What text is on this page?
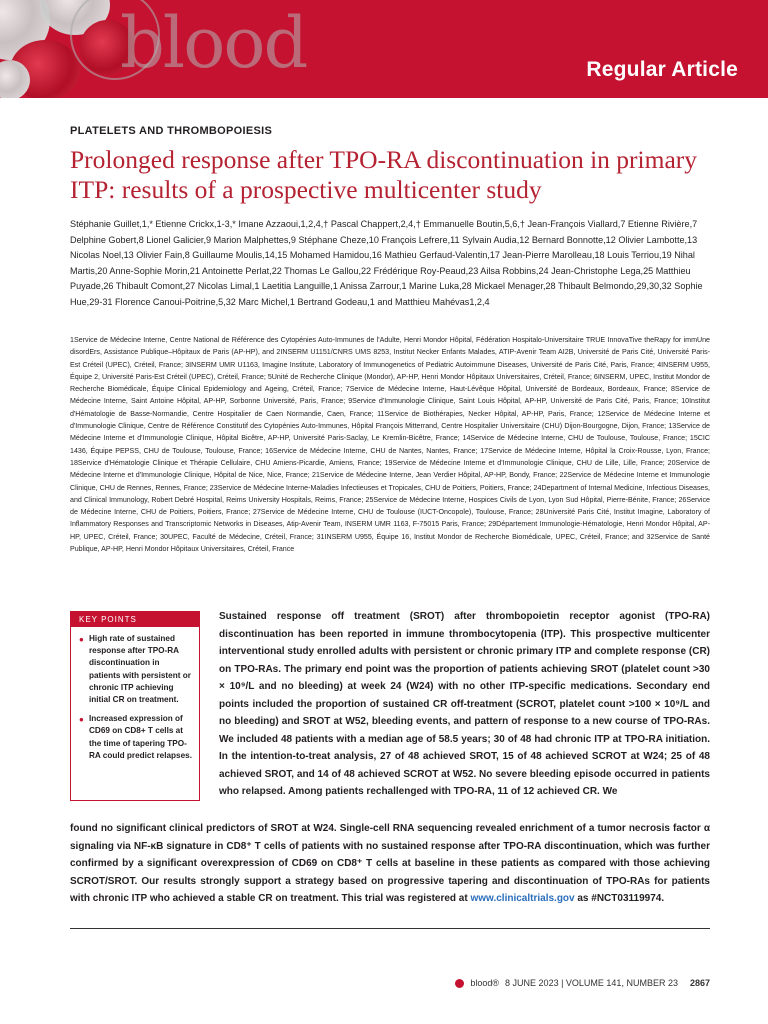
blood	Regular Article
PLATELETS AND THROMBOPOIESIS
Prolonged response after TPO-RA discontinuation in primary ITP: results of a prospective multicenter study
Stéphanie Guillet,1,* Etienne Crickx,1-3,* Imane Azzaoui,1,2,4,† Pascal Chappert,2,4,† Emmanuelle Boutin,5,6,† Jean-François Viallard,7 Etienne Rivière,7 Delphine Gobert,8 Lionel Galicier,9 Marion Malphettes,9 Stéphane Cheze,10 François Lefrere,11 Sylvain Audia,12 Bernard Bonnotte,12 Olivier Lambotte,13 Nicolas Noel,13 Olivier Fain,8 Guillaume Moulis,14,15 Mohamed Hamidou,16 Mathieu Gerfaud-Valentin,17 Jean-Pierre Marolleau,18 Louis Terriou,19 Nihal Martis,20 Anne-Sophie Morin,21 Antoinette Perlat,22 Thomas Le Gallou,22 Frédérique Roy-Peaud,23 Ailsa Robbins,24 Jean-Christophe Lega,25 Matthieu Puyade,26 Thibault Comont,27 Nicolas Limal,1 Laetitia Languille,1 Anissa Zarrour,1 Marine Luka,28 Mickael Menager,28 Thibault Belmondo,29,30,32 Sophie Hue,29-31 Florence Canoui-Poitrine,5,32 Marc Michel,1 Bertrand Godeau,1 and Matthieu Mahévas1,2,4
1Service de Médecine Interne, Centre National de Référence des Cytopénies Auto-Immunes de l'Adulte, Henri Mondor Hôpital, Fédération Hospitalo-Universitaire TRUE InnovaTive theRapy for immUne disordErs, Assistance Publique–Hôpitaux de Paris (AP-HP), and 2INSERM U1151/CNRS UMS 8253, Institut Necker Enfants Malades, ATIP-Avenir Team AI2B, Université de Paris Cité, Université Paris-Est Créteil (UPEC), Créteil, France; 3INSERM UMR U1163, Imagine Institute, Laboratory of Immunogenetics of Pediatric Autoimmune Diseases, Université de Paris Cité, Paris, France; 4INSERM U955, Équipe 2, Université Paris-Est Créteil (UPEC), Créteil, France; 5Unité de Recherche Clinique (Mondor), AP-HP, Henri Mondor Hôpitaux Universitaires, Créteil, France; 6INSERM, UPEC, Institut Mondor de Recherche Biomédicale, Équipe Clinical Epidemiology and Ageing, Créteil, France; 7Service de Médecine Interne, Haut-Lévêque Hôpital, Université de Bordeaux, Bordeaux, France; 8Service de Médecine Interne, Saint Antoine Hôpital, AP-HP, Sorbonne Université, Paris, France; 9Service d'Immunologie Clinique, Saint Louis Hôpital, AP-HP, Université de Paris Cité, Paris, France; 10Institut d'Hématologie de Basse-Normandie, Centre Hospitalier de Caen Normandie, Caen, France; 11Service de Biothérapies, Necker Hôpital, AP-HP, Paris, France; 12Service de Médecine Interne et d'Immunologie Clinique, Centre de Référence Constitutif des Cytopénies Auto-Immunes, Hôpital François Mitterrand, Centre Hospitalier Universitaire (CHU) Dijon-Bourgogne, Dijon, France; 13Service de Médecine Interne et d'Immunologie Clinique, Hôpital Bicêtre, AP-HP, Université Paris-Saclay, Le Kremlin-Bicêtre, France; 14Service de Médecine Interne, CHU de Toulouse, Toulouse, France; 15CIC 1436, Équipe PEPSS, CHU de Toulouse, Toulouse, France; 16Service de Médecine Interne, CHU de Nantes, Nantes, France; 17Service de Médecine Interne, Hôpital la Croix-Rousse, Lyon, France; 18Service d'Hématologie Clinique et Thérapie Cellulaire, CHU Amiens-Picardie, Amiens, France; 19Service de Médecine Interne et d'Immunologie Clinique, CHU de Lille, Lille, France; 20Service de Médecine Interne et d'Immunologie Clinique, Hôpital de Nice, Nice, France; 21Service de Médecine Interne, Jean Verdier Hôpital, AP-HP, Bondy, France; 22Service de Médecine Interne et Immunologie Clinique, CHU de Rennes, Rennes, France; 23Service de Médecine Interne-Maladies Infectieuses et Tropicales, CHU de Poitiers, Poitiers, France; 24Department of Internal Medicine, Infectious Diseases, and Clinical Immunology, Robert Debré Hospital, Reims University Hospitals, Reims, France; 25Service de Médecine Interne, Hospices Civils de Lyon, Lyon Sud Hôpital, Pierre-Bénite, France; 26Service de Médecine Interne, CHU de Poitiers, Poitiers, France; 27Service de Médecine Interne, CHU de Toulouse (IUCT-Oncopole), Toulouse, France; 28Université Paris Cité, Institut Imagine, Laboratory of Inflammatory Responses and Transcriptomic Networks in Diseases, Atip-Avenir Team, INSERM UMR 1163, F-75015 Paris, France; 29Département Immunologie-Hématologie, Henri Mondor Hôpital, AP-HP, UPEC, Créteil, France; 30UPEC, Faculté de Médecine, Créteil, France; 31INSERM U955, Équipe 16, Institut Mondor de Recherche Biomédicale, UPEC, Créteil, France; and 32Service de Santé Publique, AP-HP, Henri Mondor Hôpitaux Universitaires, Créteil, France
KEY POINTS
● High rate of sustained response after TPO-RA discontinuation in patients with persistent or chronic ITP achieving initial CR on treatment.
● Increased expression of CD69 on CD8+ T cells at the time of tapering TPO-RA could predict relapses.
Sustained response off treatment (SROT) after thrombopoietin receptor agonist (TPO-RA) discontinuation has been reported in immune thrombocytopenia (ITP). This prospective multicenter interventional study enrolled adults with persistent or chronic primary ITP and complete response (CR) on TPO-RAs. The primary end point was the proportion of patients achieving SROT (platelet count >30 × 10⁹/L and no bleeding) at week 24 (W24) with no other ITP-specific medications. Secondary end points included the proportion of sustained CR off-treatment (SCROT, platelet count >100 × 10⁹/L and no bleeding) and SROT at W52, bleeding events, and pattern of response to a new course of TPO-RAs. We included 48 patients with a median age of 58.5 years; 30 of 48 had chronic ITP at TPO-RA initiation. In the intention-to-treat analysis, 27 of 48 achieved SROT, 15 of 48 achieved SCROT at W24; 25 of 48 achieved SROT, and 14 of 48 achieved SCROT at W52. No severe bleeding episode occurred in patients who relapsed. Among patients rechallenged with TPO-RA, 11 of 12 achieved CR. We
found no significant clinical predictors of SROT at W24. Single-cell RNA sequencing revealed enrichment of a tumor necrosis factor α signaling via NF-κB signature in CD8⁺ T cells of patients with no sustained response after TPO-RA discontinuation, which was further confirmed by a significant overexpression of CD69 on CD8⁺ T cells at baseline in these patients as compared with those achieving SCROT/SROT. Our results strongly support a strategy based on progressive tapering and discontinuation of TPO-RAs for patients with chronic ITP who achieved a stable CR on treatment. This trial was registered at www.clinicaltrials.gov as #NCT03119974.
blood® 8 JUNE 2023 | VOLUME 141, NUMBER 23 2867
